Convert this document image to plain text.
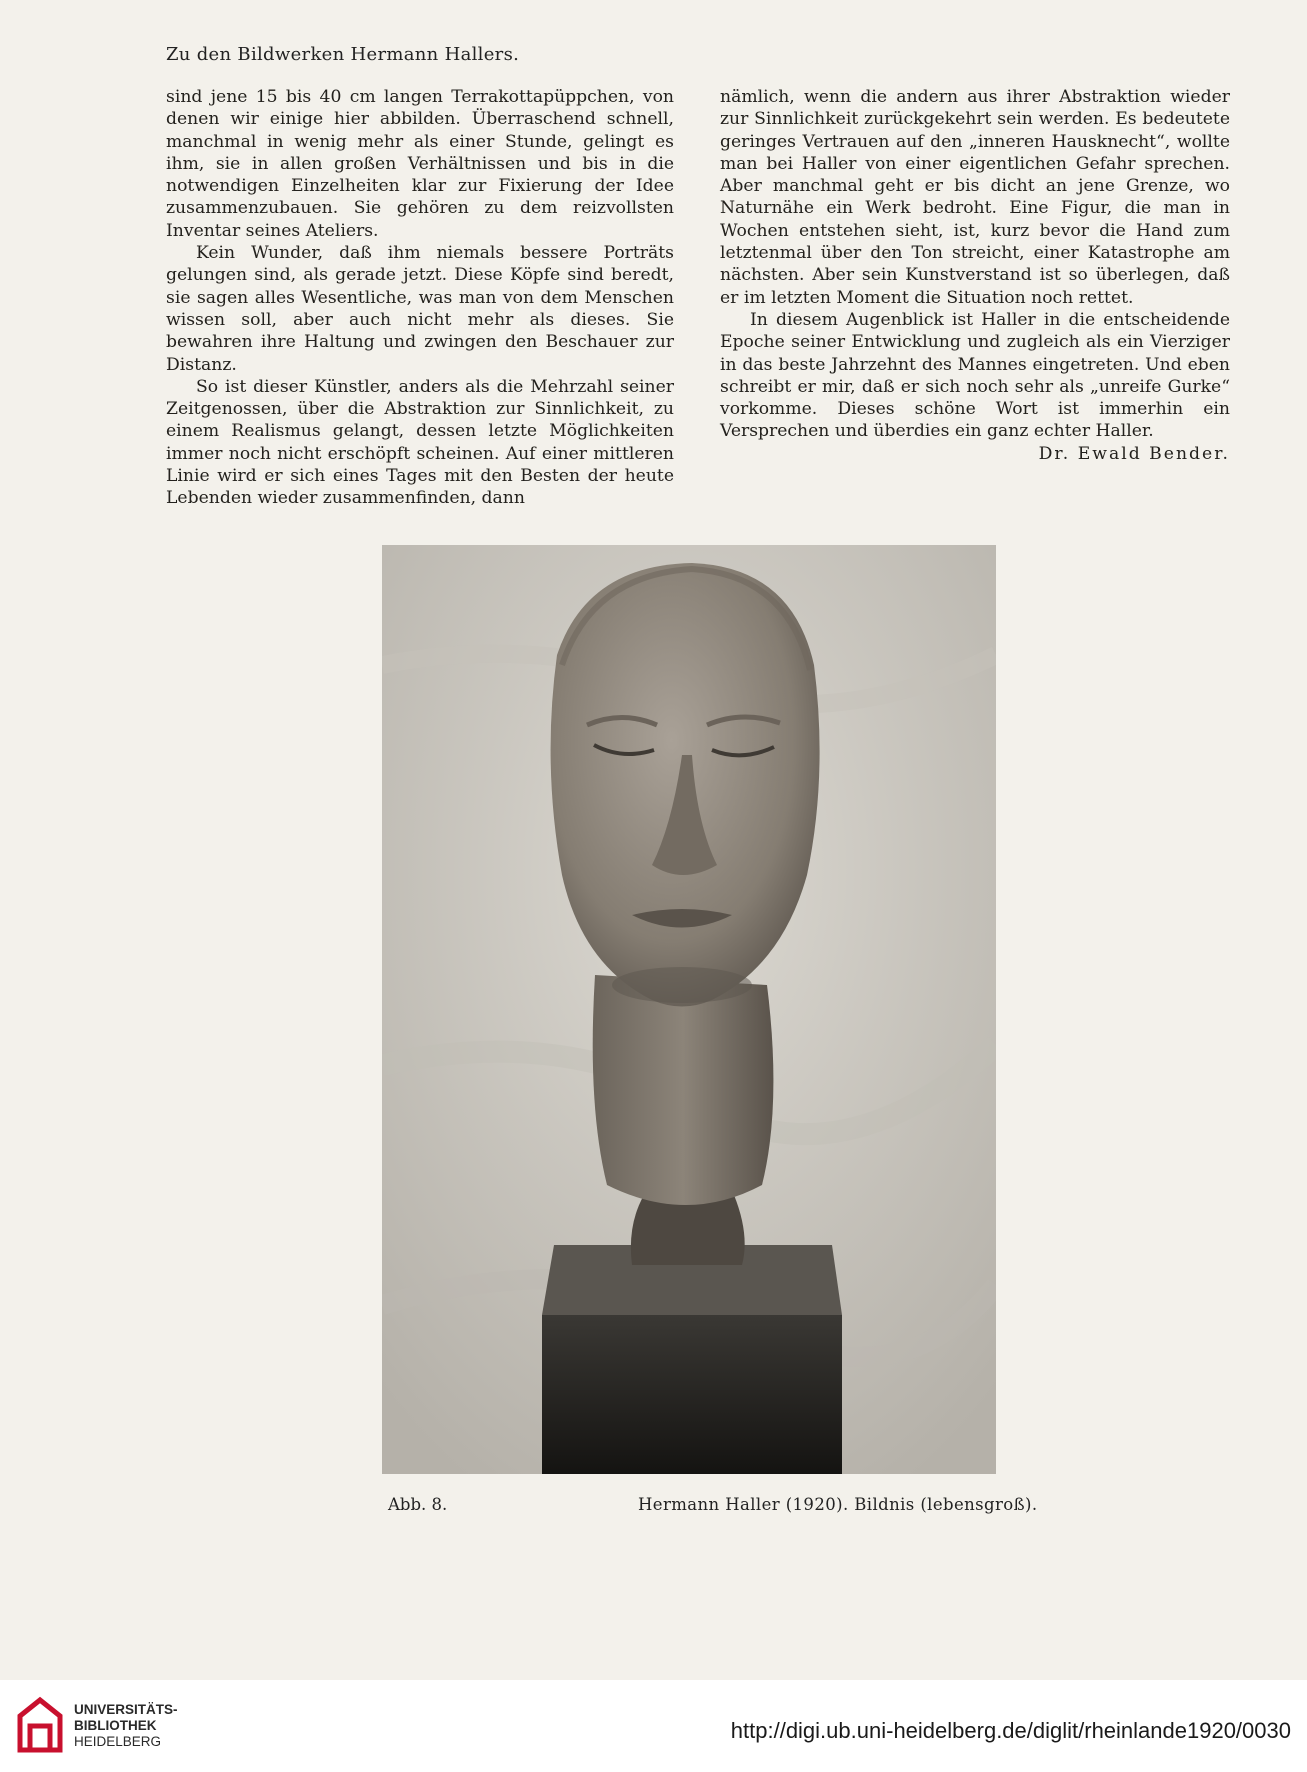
Zu den Bildwerken Hermann Hallers.

sind jene 15 bis 40 cm langen Terrakottapüppchen, von denen wir einige hier abbilden. Überraschend schnell, manchmal in wenig mehr als einer Stunde, gelingt es ihm, sie in allen großen Verhältnissen und bis in die notwendigen Einzelheiten klar zur Fixierung der Idee zusammenzubauen. Sie gehören zu dem reizvollsten Inventar seines Ateliers.

Kein Wunder, daß ihm niemals bessere Porträts gelungen sind, als gerade jetzt. Diese Köpfe sind beredt, sie sagen alles Wesentliche, was man von dem Menschen wissen soll, aber auch nicht mehr als dieses. Sie bewahren ihre Haltung und zwingen den Beschauer zur Distanz.

So ist dieser Künstler, anders als die Mehrzahl seiner Zeitgenossen, über die Abstraktion zur Sinnlichkeit, zu einem Realismus gelangt, dessen letzte Möglichkeiten immer noch nicht erschöpft scheinen. Auf einer mittleren Linie wird er sich eines Tages mit den Besten der heute Lebenden wieder zusammenfinden, dann

nämlich, wenn die andern aus ihrer Abstraktion wieder zur Sinnlichkeit zurückgekehrt sein werden. Es bedeutete geringes Vertrauen auf den „inneren Hausknecht“, wollte man bei Haller von einer eigentlichen Gefahr sprechen. Aber manchmal geht er bis dicht an jene Grenze, wo Naturnähe ein Werk bedroht. Eine Figur, die man in Wochen entstehen sieht, ist, kurz bevor die Hand zum letztenmal über den Ton streicht, einer Katastrophe am nächsten. Aber sein Kunstverstand ist so überlegen, daß er im letzten Moment die Situation noch rettet.

In diesem Augenblick ist Haller in die entscheidende Epoche seiner Entwicklung und zugleich als ein Vierziger in das beste Jahrzehnt des Mannes eingetreten. Und eben schreibt er mir, daß er sich noch sehr als „unreife Gurke“ vorkomme. Dieses schöne Wort ist immerhin ein Versprechen und überdies ein ganz echter Haller.

Dr. Ewald Bender.

Abb. 8.	Hermann Haller (1920). Bildnis (lebensgroß).
UNIVERSITÄTS-
BIBLIOTHEK
HEIDELBERG	http://digi.ub.uni-heidelberg.de/diglit/rheinlande1920/0030
